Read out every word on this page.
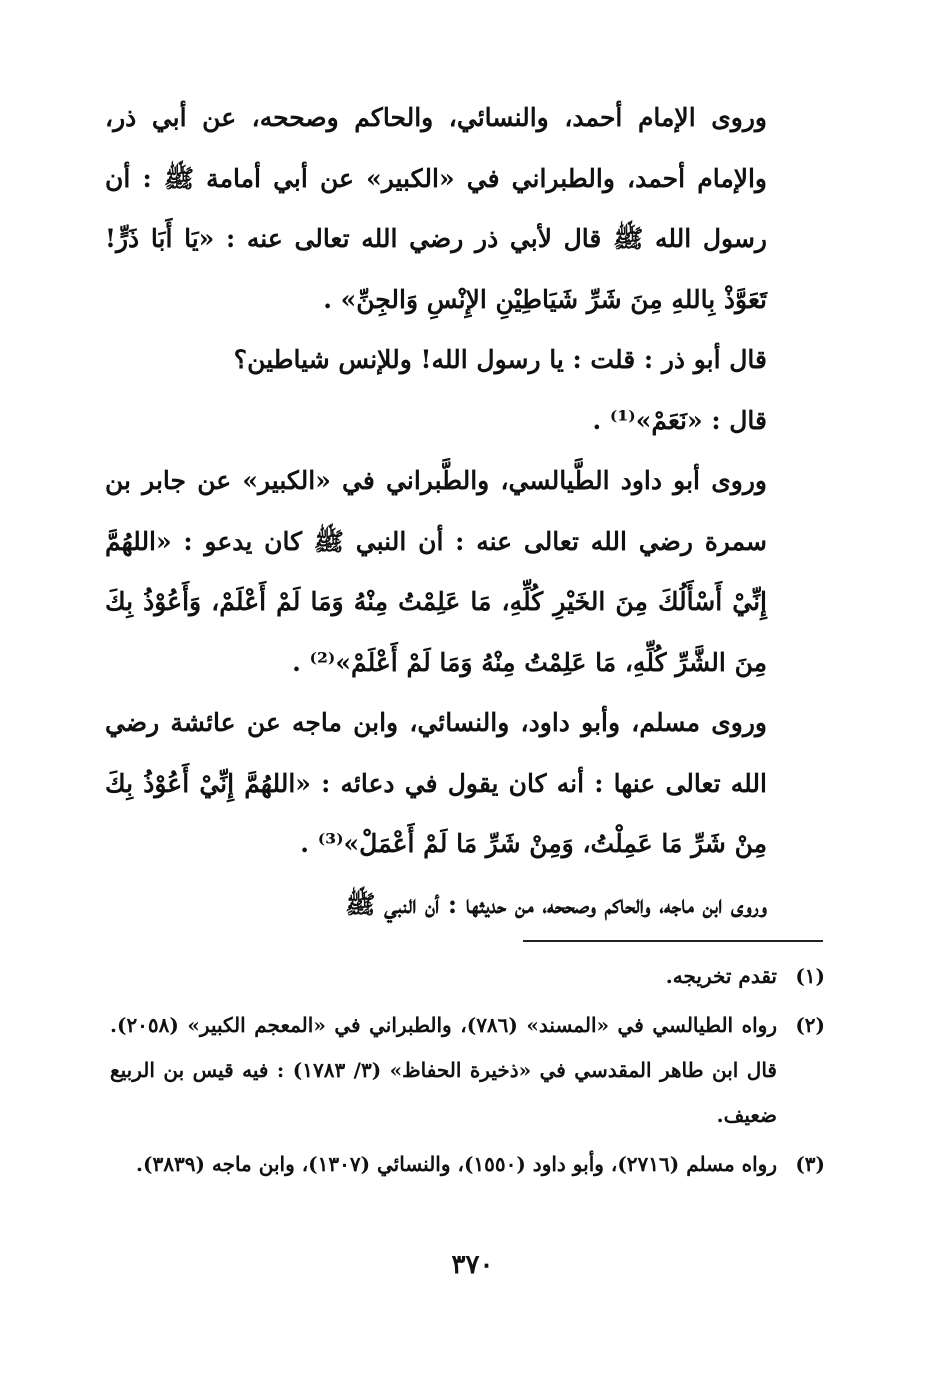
وروى الإمام أحمد، والنسائي، والحاكم وصححه، عن أبي ذر، والإمام أحمد، والطبراني في «الكبير» عن أبي أمامة ﷺ : أن رسول الله ﷺ قال لأبي ذر رضي الله تعالى عنه : «يَا أَبَا ذَرٍّ! تَعَوَّذْ بِاللهِ مِنَ شَرِّ شَيَاطِيْنِ الإِنْسِ وَالجِنِّ» .

قال أبو ذر : قلت : يا رسول الله! وللإنس شياطين؟

قال : «نَعَمْ»⁽¹⁾ .

وروى أبو داود الطَّيالسي، والطَّبراني في «الكبير» عن جابر بن سمرة رضي الله تعالى عنه : أن النبي ﷺ كان يدعو : «اللهُمَّ إِنِّيْ أَسْأَلُكَ مِنَ الخَيْرِ كُلِّهِ، مَا عَلِمْتُ مِنْهُ وَمَا لَمْ أَعْلَمْ، وَأَعُوْذُ بِكَ مِنَ الشَّرِّ كُلِّهِ، مَا عَلِمْتُ مِنْهُ وَمَا لَمْ أَعْلَمْ»⁽²⁾ .

وروى مسلم، وأبو داود، والنسائي، وابن ماجه عن عائشة رضي الله تعالى عنها : أنه كان يقول في دعائه : «اللهُمَّ إِنِّيْ أَعُوْذُ بِكَ مِنْ شَرِّ مَا عَمِلْتُ، وَمِنْ شَرِّ مَا لَمْ أَعْمَلْ»⁽³⁾ .

وروى ابن ماجه، والحاكم وصححه، من حديثها : أن النبي ﷺ

(١)
تقدم تخريجه.
(٢)
رواه الطيالسي في «المسند» (٧٨٦)، والطبراني في «المعجم الكبير» (٢٠٥٨). قال ابن طاهر المقدسي في «ذخيرة الحفاظ» (٣/ ١٧٨٣) : فيه قيس بن الربيع ضعيف.
(٣)
رواه مسلم (٢٧١٦)، وأبو داود (١٥٥٠)، والنسائي (١٣٠٧)، وابن ماجه (٣٨٣٩).
٣٧٠
